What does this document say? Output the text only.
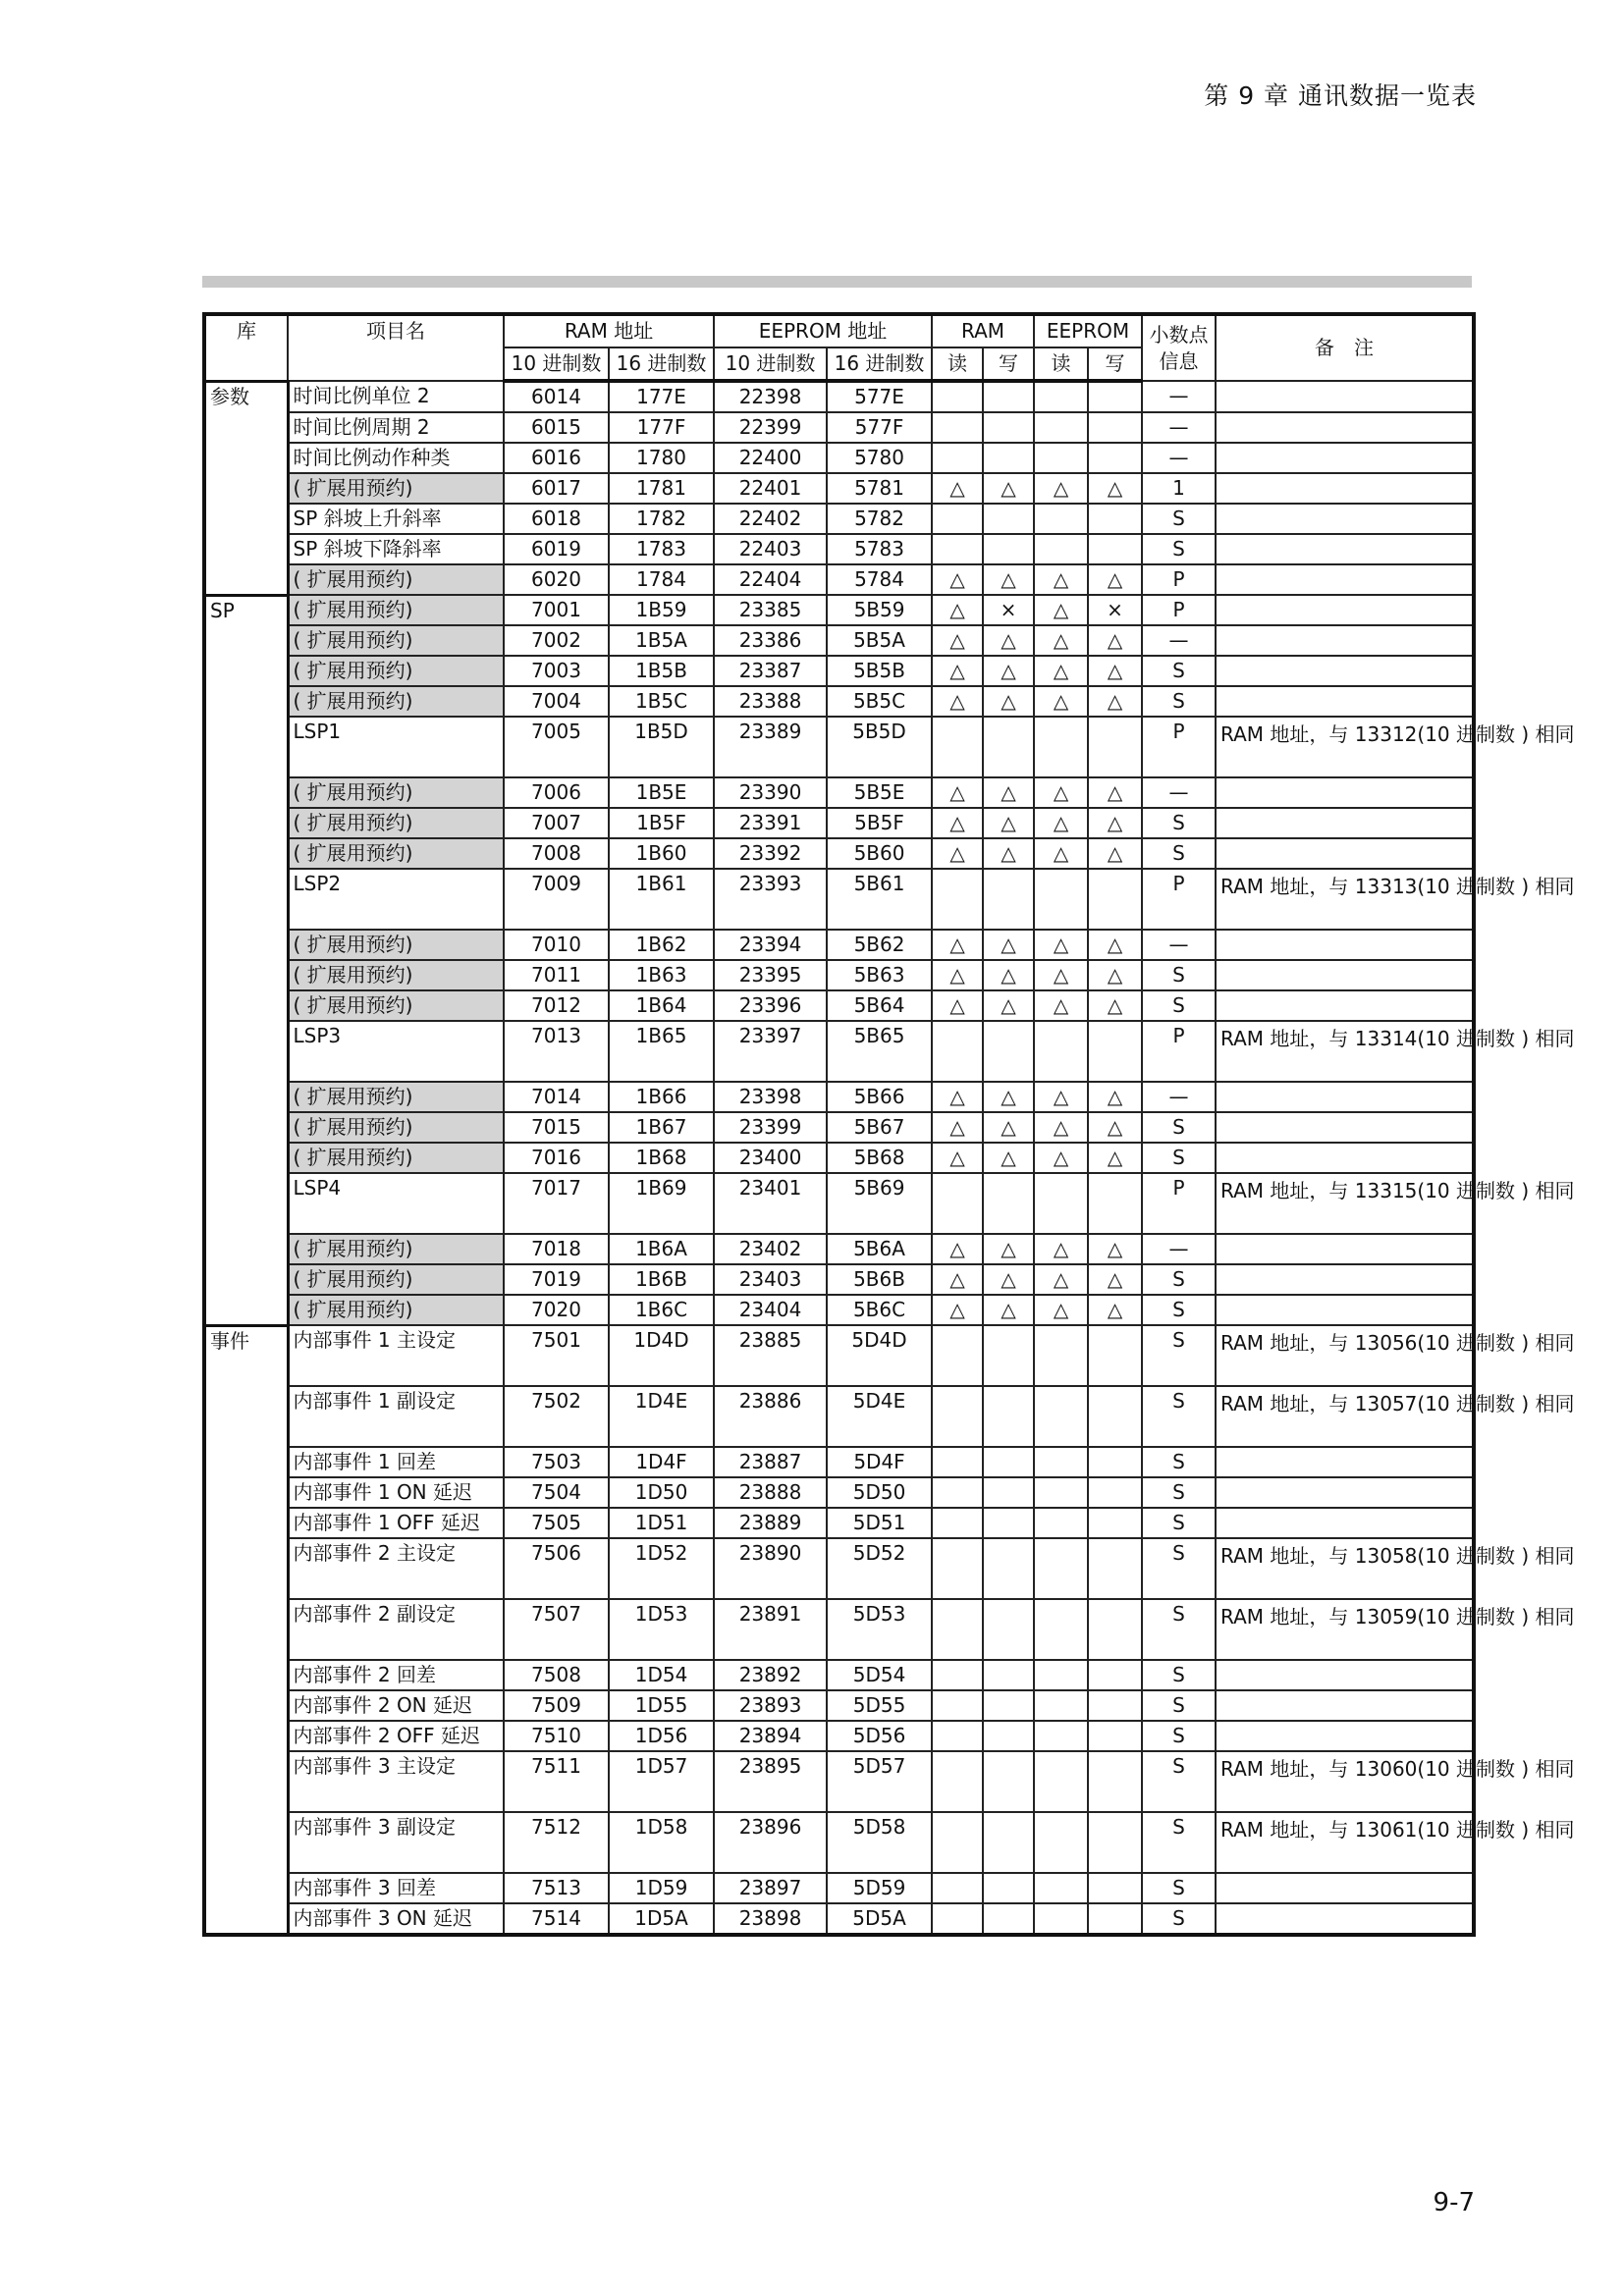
第 9 章 通讯数据一览表
库	项目名	RAM 地址		EEPROM 地址		RAM		EEPROM		小数点信息	备　注
		10 进制数	16 进制数	10 进制数	16 进制数	读	写	读	写		
参数	时间比例单位 2	6014	177E	22398	577E					—	
	时间比例周期 2	6015	177F	22399	577F					—	
	时间比例动作种类	6016	1780	22400	5780					—	
	( 扩展用预约)	6017	1781	22401	5781	△	△	△	△	1	
	SP 斜坡上升斜率	6018	1782	22402	5782					S	
	SP 斜坡下降斜率	6019	1783	22403	5783					S	
	( 扩展用预约)	6020	1784	22404	5784	△	△	△	△	P	
SP	( 扩展用预约)	7001	1B59	23385	5B59	△	×	△	×	P	
	( 扩展用预约)	7002	1B5A	23386	5B5A	△	△	△	△	—	
	( 扩展用预约)	7003	1B5B	23387	5B5B	△	△	△	△	S	
	( 扩展用预约)	7004	1B5C	23388	5B5C	△	△	△	△	S	
	LSP1	7005	1B5D	23389	5B5D					P	RAM 地址，与 13312(10 进制数 ) 相同
	( 扩展用预约)	7006	1B5E	23390	5B5E	△	△	△	△	—	
	( 扩展用预约)	7007	1B5F	23391	5B5F	△	△	△	△	S	
	( 扩展用预约)	7008	1B60	23392	5B60	△	△	△	△	S	
	LSP2	7009	1B61	23393	5B61					P	RAM 地址，与 13313(10 进制数 ) 相同
	( 扩展用预约)	7010	1B62	23394	5B62	△	△	△	△	—	
	( 扩展用预约)	7011	1B63	23395	5B63	△	△	△	△	S	
	( 扩展用预约)	7012	1B64	23396	5B64	△	△	△	△	S	
	LSP3	7013	1B65	23397	5B65					P	RAM 地址，与 13314(10 进制数 ) 相同
	( 扩展用预约)	7014	1B66	23398	5B66	△	△	△	△	—	
	( 扩展用预约)	7015	1B67	23399	5B67	△	△	△	△	S	
	( 扩展用预约)	7016	1B68	23400	5B68	△	△	△	△	S	
	LSP4	7017	1B69	23401	5B69					P	RAM 地址，与 13315(10 进制数 ) 相同
	( 扩展用预约)	7018	1B6A	23402	5B6A	△	△	△	△	—	
	( 扩展用预约)	7019	1B6B	23403	5B6B	△	△	△	△	S	
	( 扩展用预约)	7020	1B6C	23404	5B6C	△	△	△	△	S	
事件	内部事件 1 主设定	7501	1D4D	23885	5D4D					S	RAM 地址，与 13056(10 进制数 ) 相同
	内部事件 1 副设定	7502	1D4E	23886	5D4E					S	RAM 地址，与 13057(10 进制数 ) 相同
	内部事件 1 回差	7503	1D4F	23887	5D4F					S	
	内部事件 1 ON 延迟	7504	1D50	23888	5D50					S	
	内部事件 1 OFF 延迟	7505	1D51	23889	5D51					S	
	内部事件 2 主设定	7506	1D52	23890	5D52					S	RAM 地址，与 13058(10 进制数 ) 相同
	内部事件 2 副设定	7507	1D53	23891	5D53					S	RAM 地址，与 13059(10 进制数 ) 相同
	内部事件 2 回差	7508	1D54	23892	5D54					S	
	内部事件 2 ON 延迟	7509	1D55	23893	5D55					S	
	内部事件 2 OFF 延迟	7510	1D56	23894	5D56					S	
	内部事件 3 主设定	7511	1D57	23895	5D57					S	RAM 地址，与 13060(10 进制数 ) 相同
	内部事件 3 副设定	7512	1D58	23896	5D58					S	RAM 地址，与 13061(10 进制数 ) 相同
	内部事件 3 回差	7513	1D59	23897	5D59					S	
	内部事件 3 ON 延迟	7514	1D5A	23898	5D5A					S	
9-7
